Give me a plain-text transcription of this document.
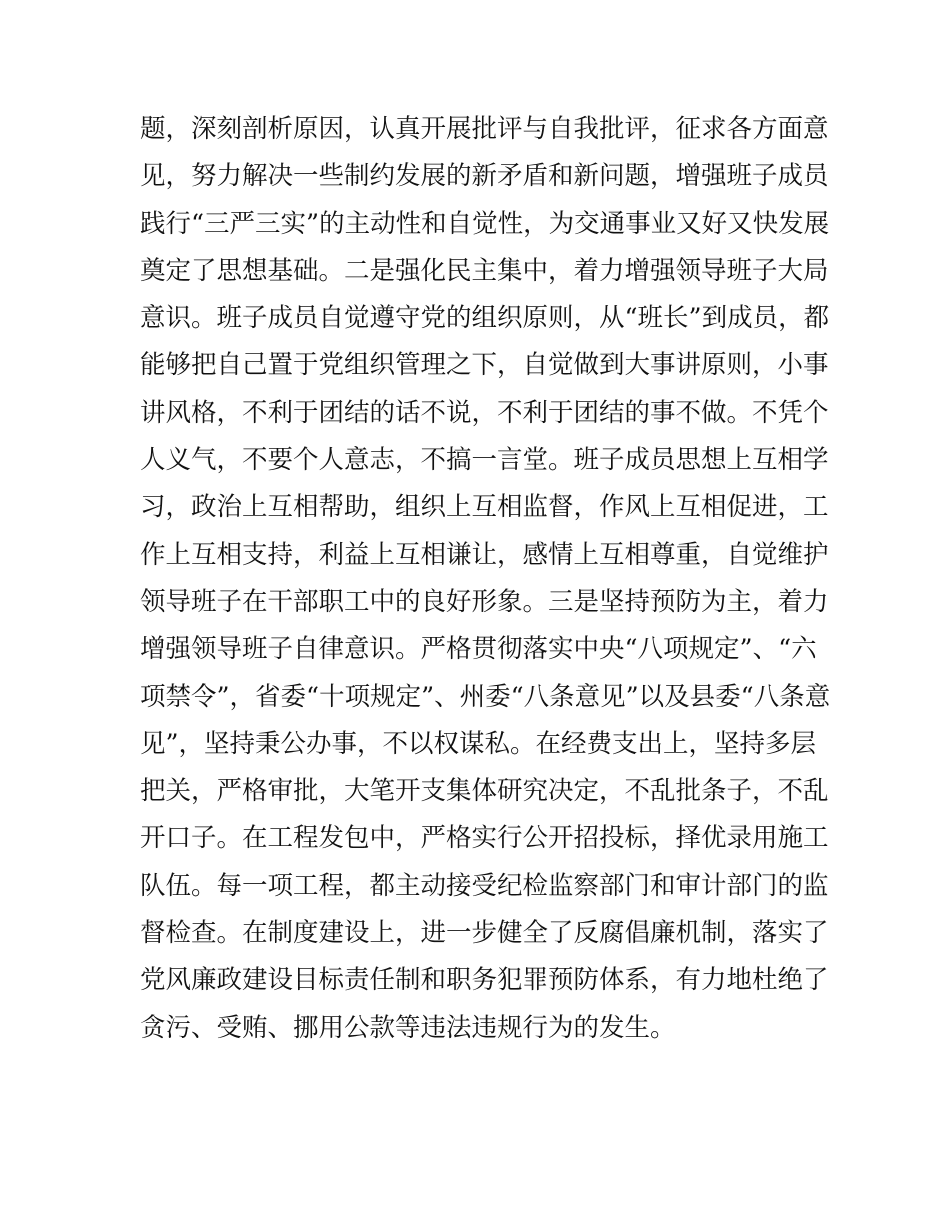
题，深刻剖析原因，认真开展批评与自我批评，征求各方面意
见，努力解决一些制约发展的新矛盾和新问题，增强班子成员
践行“三严三实”的主动性和自觉性，为交通事业又好又快发展
奠定了思想基础。二是强化民主集中，着力增强领导班子大局
意识。班子成员自觉遵守党的组织原则，从“班长”到成员，都
能够把自己置于党组织管理之下，自觉做到大事讲原则，小事
讲风格，不利于团结的话不说，不利于团结的事不做。不凭个
人义气，不要个人意志，不搞一言堂。班子成员思想上互相学
习，政治上互相帮助，组织上互相监督，作风上互相促进，工
作上互相支持，利益上互相谦让，感情上互相尊重，自觉维护
领导班子在干部职工中的良好形象。三是坚持预防为主，着力
增强领导班子自律意识。严格贯彻落实中央“八项规定”、“六
项禁令”，省委“十项规定”、州委“八条意见”以及县委“八条意
见”，坚持秉公办事，不以权谋私。在经费支出上，坚持多层
把关，严格审批，大笔开支集体研究决定，不乱批条子，不乱
开口子。在工程发包中，严格实行公开招投标，择优录用施工
队伍。每一项工程，都主动接受纪检监察部门和审计部门的监
督检查。在制度建设上，进一步健全了反腐倡廉机制，落实了
党风廉政建设目标责任制和职务犯罪预防体系，有力地杜绝了
贪污、受贿、挪用公款等违法违规行为的发生。
